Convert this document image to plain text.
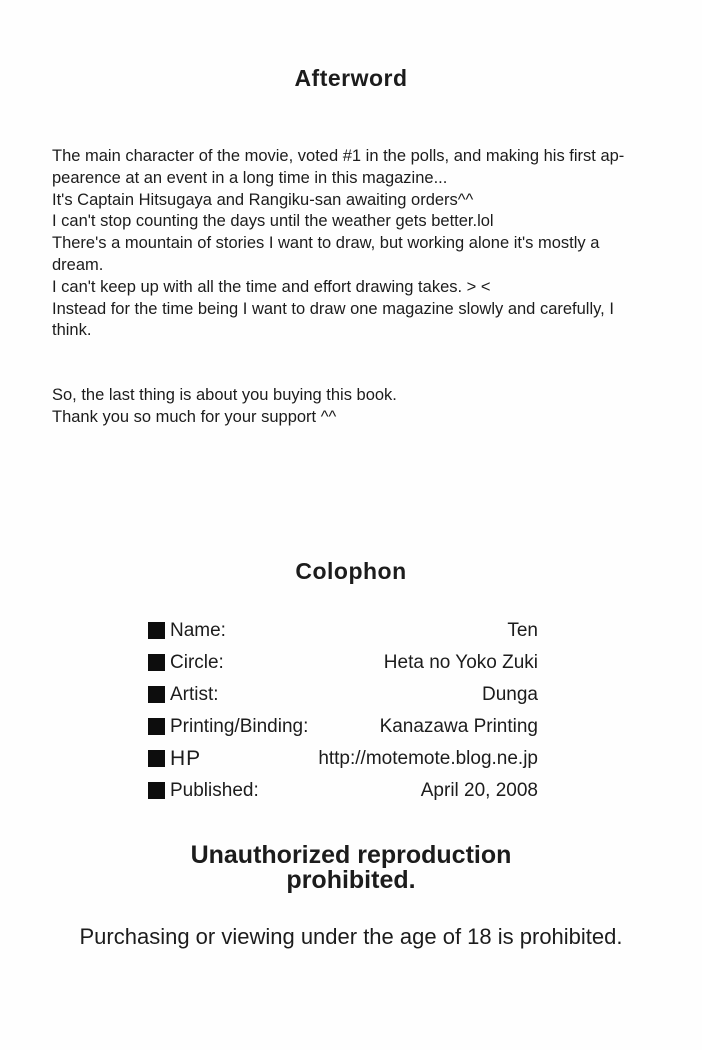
Afterword
The main character of the movie, voted #1 in the polls, and making his first ap-
pearence at an event in a long time in this magazine...
It's Captain Hitsugaya and Rangiku-san awaiting orders^^
I can't stop counting the days until the weather gets better.lol
There's a mountain of stories I want to draw, but working alone it's mostly a
dream.
I can't keep up with all the time and effort drawing takes. > <
Instead for the time being I want to draw one magazine slowly and carefully, I
think.
So, the last thing is about you buying this book.
Thank you so much for your support ^^
Colophon
Name:	Ten
Circle:	Heta no Yoko Zuki
Artist:	Dunga
Printing/Binding:	Kanazawa Printing
HP	http://motemote.blog.ne.jp
Published:	April 20, 2008
Unauthorized reproduction
prohibited.
Purchasing or viewing under the age of 18 is prohibited.
